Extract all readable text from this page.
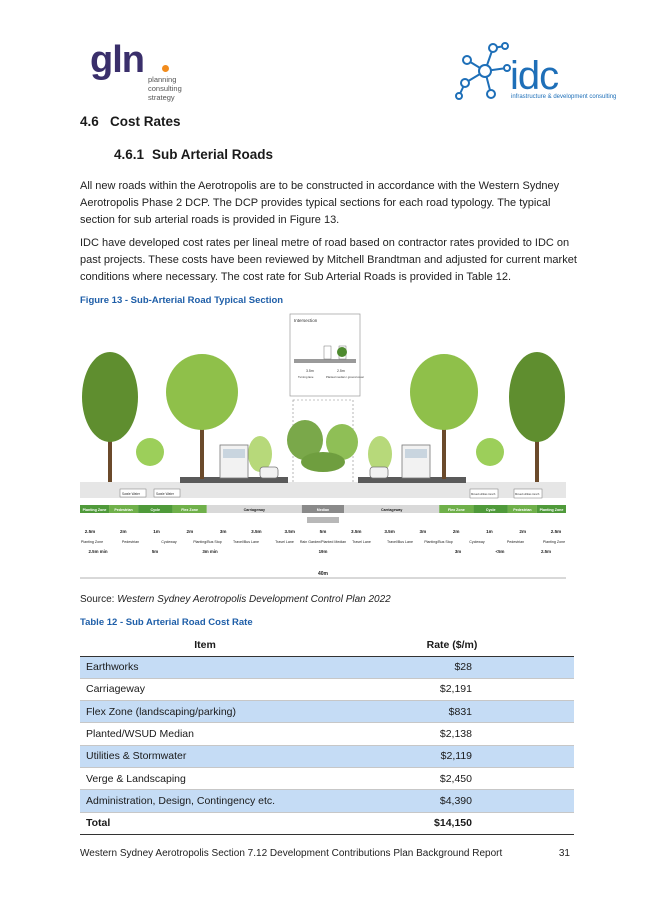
gln planning
consulting
strategy	idc
infrastructure & development consulting
4.6 Cost Rates
4.6.1 Sub Arterial Roads

All new roads within the Aerotropolis are to be constructed in accordance with the Western Sydney Aerotropolis Phase 2 DCP. The DCP provides typical sections for each road typology. The typical section for sub arterial roads is provided in Figure 13.

IDC have developed cost rates per lineal metre of road based on contractor rates provided to IDC on past projects. These costs have been reviewed by Mitchell Brandtman and adjusted for current market conditions where necessary. The cost rate for Sub Arterial Roads is provided in Table 12.

Figure 13 - Sub-Arterial Road Typical Section
Intersection
3.5m	2.5m
Turning lane	Planted median / ground cover
Swale Water	Swale Water	Moved utilities trench	Moved utilities trench
Planting Zone Pedestrian	Cycle	Flex Zone	Carriageway	Median	Carriageway	Flex Zone	Cycle	Pedestrian Planting Zone
2.5m	2m	1m	2m	3m	3.5m	3.5m	5m	3.5m	3.5m	3m	2m	1m	2m	2.5m
Planting Zone	Pedestrian	Cycleway	Planting/Bus Stop	Travel/Bus Lane	Travel Lane Rain Garden/Planted Median Travel Lane	Travel/Bus Lane	Planting/Bus Stop	Cycleway	Pedestrian	Planting Zone
2.5m min	5m	3m min	19m	3m	<5m	2.5m
40m
Source: Western Sydney Aerotropolis Development Control Plan 2022
Table 12 - Sub Arterial Road Cost Rate
Item	Rate ($/m)
Earthworks	$28
Carriageway	$2,191
Flex Zone (landscaping/parking)	$831
Planted/WSUD Median	$2,138
Utilities & Stormwater	$2,119
Verge & Landscaping	$2,450
Administration, Design, Contingency etc.	$4,390
Total	$14,150
Western Sydney Aerotropolis Section 7.12 Development Contributions Plan Background Report	31
